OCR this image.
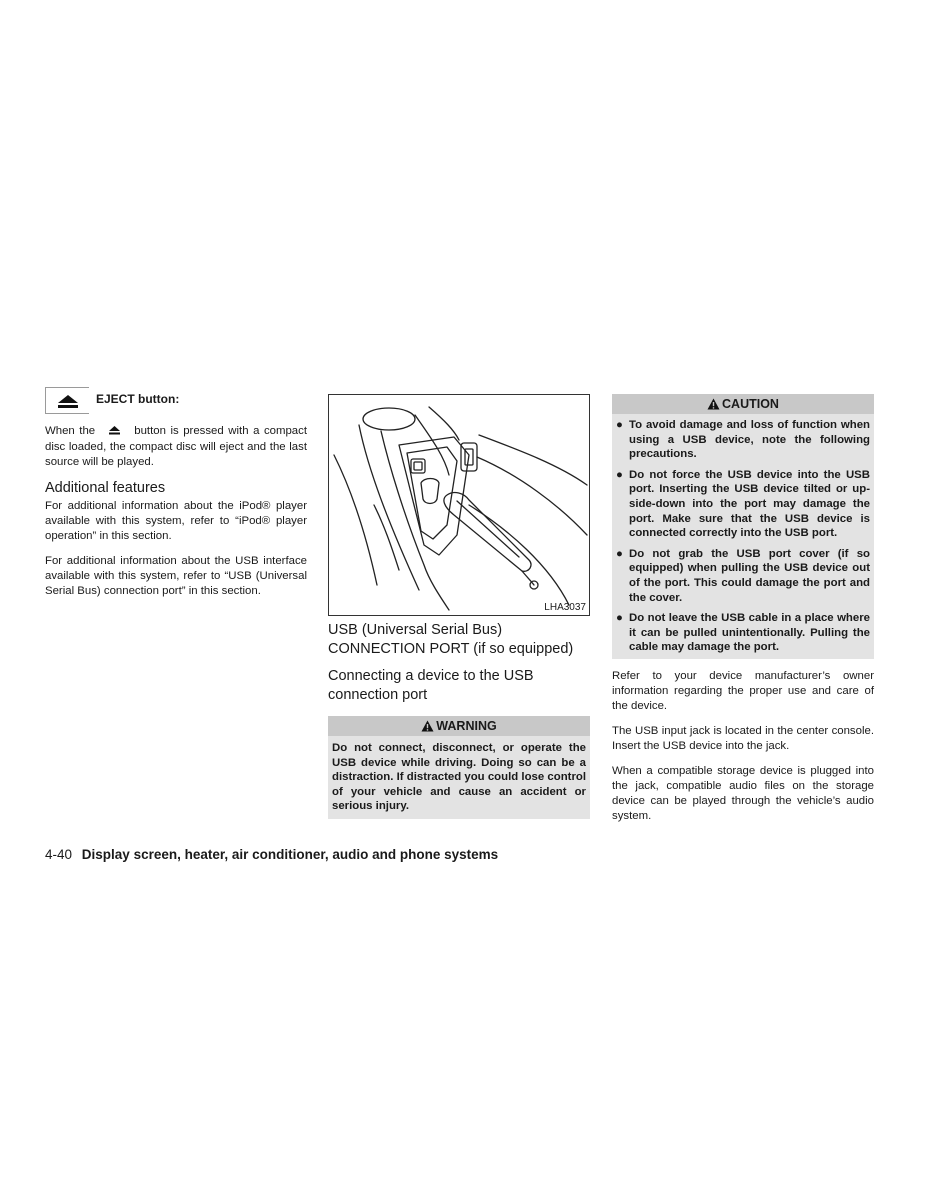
EJECT button:

When the	button is pressed with a compact disc loaded, the compact disc will eject and the last source will be played.

Additional features

For additional information about the iPod® player available with this system, refer to “iPod® player operation” in this section.

For additional information about the USB interface available with this system, refer to “USB (Universal Serial Bus) connection port” in this section.

LHA3037
USB (Universal Serial Bus)
CONNECTION PORT (if so equipped)
Connecting a device to the USB
connection port
WARNING
Do not connect, disconnect, or operate the USB device while driving. Doing so can be a distraction. If distracted you could lose control of your vehicle and cause an accident or serious injury.
CAUTION
● To avoid damage and loss of function when using a USB device, note the following precautions.
● Do not force the USB device into the USB port. Inserting the USB device tilted or up-side-down into the port may damage the port. Make sure that the USB device is connected correctly into the USB port.
● Do not grab the USB port cover (if so equipped) when pulling the USB device out of the port. This could damage the port and the cover.
● Do not leave the USB cable in a place where it can be pulled unintentionally. Pulling the cable may damage the port.

Refer to your device manufacturer’s owner information regarding the proper use and care of the device.

The USB input jack is located in the center console. Insert the USB device into the jack.

When a compatible storage device is plugged into the jack, compatible audio files on the storage device can be played through the vehicle’s audio system.

4-40 Display screen, heater, air conditioner, audio and phone systems
